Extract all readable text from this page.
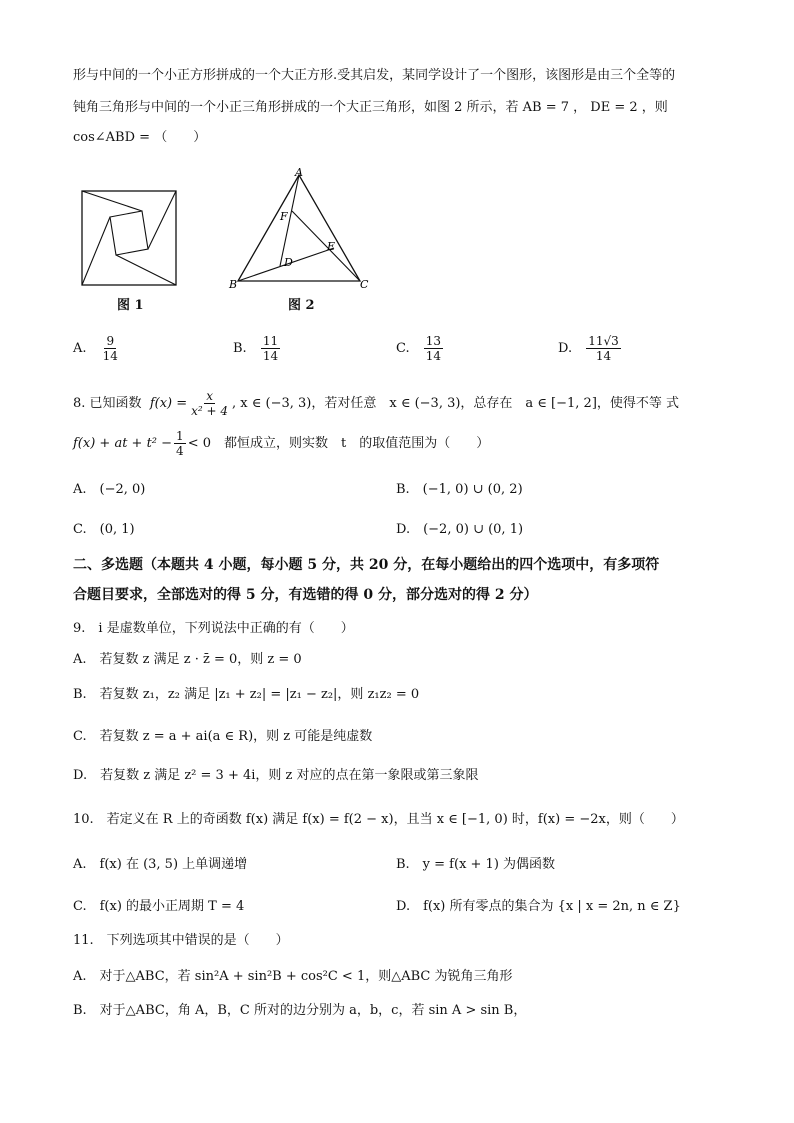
形与中间的一个小正方形拼成的一个大正方形.受其启发，某同学设计了一个图形，该图形是由三个全等的
钝角三角形与中间的一个小正三角形拼成的一个大正三角形，如图 2 所示，若 AB = 7 ， DE = 2 ，则
cos∠ABD = （　　）
图 1
A
F
E
D
B	C
图 2
A. $\frac{9}{14}$	B. $\frac{11}{14}$	C. $\frac{13}{14}$	D. $\frac{11√3}{14}$
8. 已知函数 $f(x) = \frac{x}{\text{x² + 4}}$ , x ∈ (−3, 3)，若对任意　x ∈ (−3, 3)，总存在　a ∈ [−1, 2]，使得不等 式
f(x) + at + $t^2 - \frac{1}{4} < 0$　都恒成立，则实数　t　的取值范围为（　　）
A.　(−2, 0)	B.　(−1, 0) ∪ (0, 2)
C.　(0, 1)	D.　(−2, 0) ∪ (0, 1)
二、多选题（本题共 4 小题，每小题 5 分，共 20 分，在每小题给出的四个选项中，有多项符
合题目要求，全部选对的得 5 分，有选错的得 0 分，部分选对的得 2 分）
9.　i 是虚数单位，下列说法中正确的有（　　）
A.　若复数 z 满足 z · z̄ = 0，则 z = 0
B.　若复数 z₁，z₂ 满足 |z₁ + z₂| = |z₁ − z₂|，则 z₁z₂ = 0
C.　若复数 z = a + ai(a ∈ R)，则 z 可能是纯虚数
D.　若复数 z 满足 z² = 3 + 4i，则 z 对应的点在第一象限或第三象限
10.　若定义在 R 上的奇函数 f(x) 满足 f(x) = f(2 − x)，且当 x ∈ [−1, 0) 时，f(x) = −2x，则（　　）
A.　f(x) 在 (3, 5) 上单调递增	B.　y = f(x + 1) 为偶函数
C.　f(x) 的最小正周期 T = 4	D.　f(x) 所有零点的集合为 {x | x = 2n, n ∈ Z}
11.　下列选项其中错误的是（　　）
A.　对于△ABC，若 sin²A + sin²B + cos²C < 1，则△ABC 为锐角三角形
B.　对于△ABC，角 A，B，C 所对的边分别为 a，b，c，若 sin A > sin B，
